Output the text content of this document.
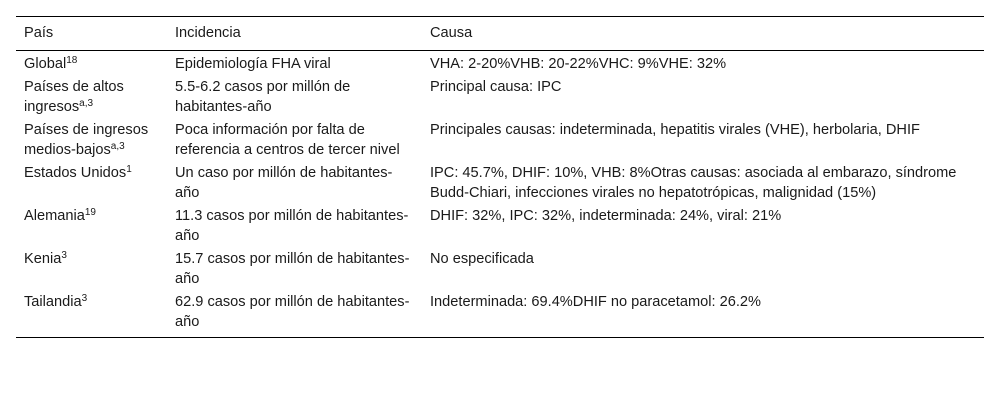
País	Incidencia	Causa
Global$^{18}$	Epidemiología FHA viral	VHA: 2-20%VHB: 20-22%VHC: 9%VHE: 32%
Países de altos ingresos$^{a,3}$	5.5-6.2 casos por millón de habitantes-año	Principal causa: IPC
Países de ingresos medios-bajos$^{a,3}$	Poca información por falta de referencia a centros de tercer nivel	Principales causas: indeterminada, hepatitis virales (VHE), herbolaria, DHIF
Estados Unidos$^1$	Un caso por millón de habitantes-año	IPC: 45.7%, DHIF: 10%, VHB: 8%Otras causas: asociada al embarazo, síndrome Budd-Chiari, infecciones virales no hepatotrópicas, malignidad (15%)
Alemania$^{19}$	11.3 casos por millón de habitantes-año	DHIF: 32%, IPC: 32%, indeterminada: 24%, viral: 21%
Kenia$^3$	15.7 casos por millón de habitantes-año	No especificada
Tailandia$^3$	62.9 casos por millón de habitantes-año	Indeterminada: 69.4%DHIF no paracetamol: 26.2%
